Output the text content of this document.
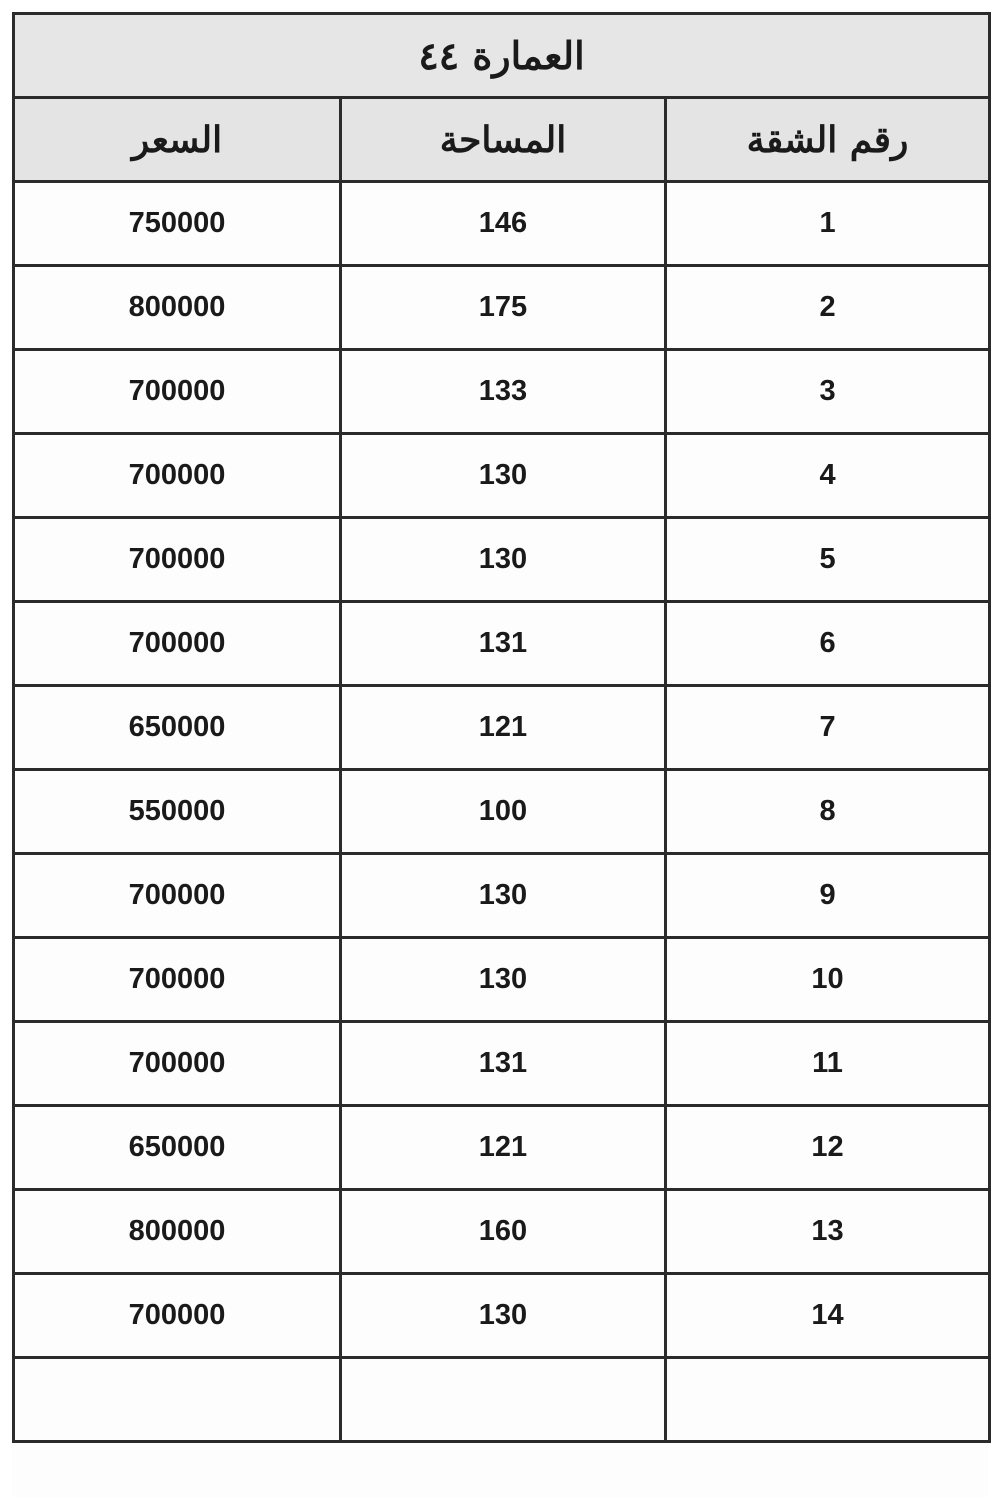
العمارة ٤٤		
السعر	المساحة	رقم الشقة
750000	146	1
800000	175	2
700000	133	3
700000	130	4
700000	130	5
700000	131	6
650000	121	7
550000	100	8
700000	130	9
700000	130	10
700000	131	11
650000	121	12
800000	160	13
700000	130	14
